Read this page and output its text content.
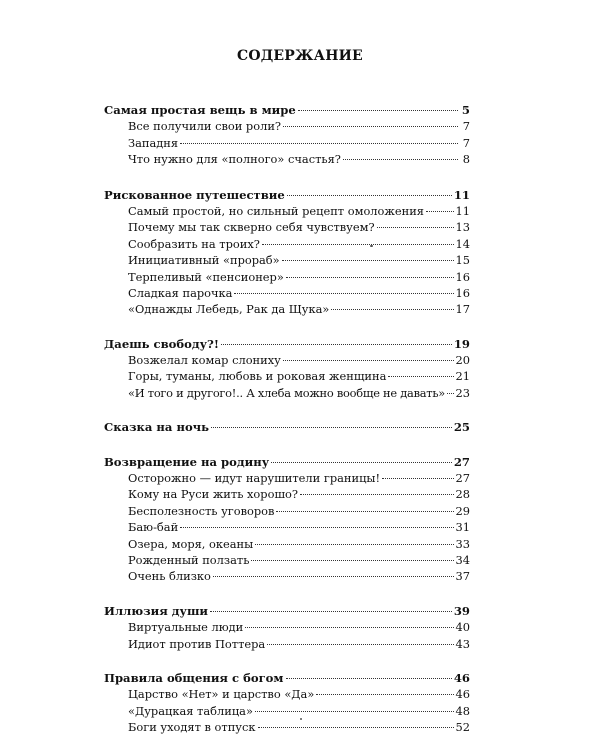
СОДЕРЖАНИЕ
Самая простая вещь в мире	5
Все получили свои роли?	7
Западня	7
Что нужно для «полного» счастья?	8
Рискованное путешествие	11
Самый простой, но сильный рецепт омоложения	11
Почему мы так скверно себя чувствуем?	13
Сообразить на троих?	14
Инициативный «прораб»	15
Терпеливый «пенсионер»	16
Сладкая парочка	16
«Однажды Лебедь, Рак да Щука»	17
Даешь свободу?!	19
Возжелал комар слониху	20
Горы, туманы, любовь и роковая женщина	21
«И того и другого!.. А хлеба можно вообще не давать» 23
Сказка на ночь	25
Возвращение на родину	27
Осторожно — идут нарушители границы!	27
Кому на Руси жить хорошо?	28
Бесполезность уговоров	29
Баю-бай	31
Озера, моря, океаны	33
Рожденный ползать	34
Очень близко	37
Иллюзия души	39
Виртуальные люди	40
Идиот против Поттера	43
Правила общения с богом	46
Царство «Нет» и царство «Да»	46
«Дурацкая таблица»	48
Боги уходят в отпуск	52
